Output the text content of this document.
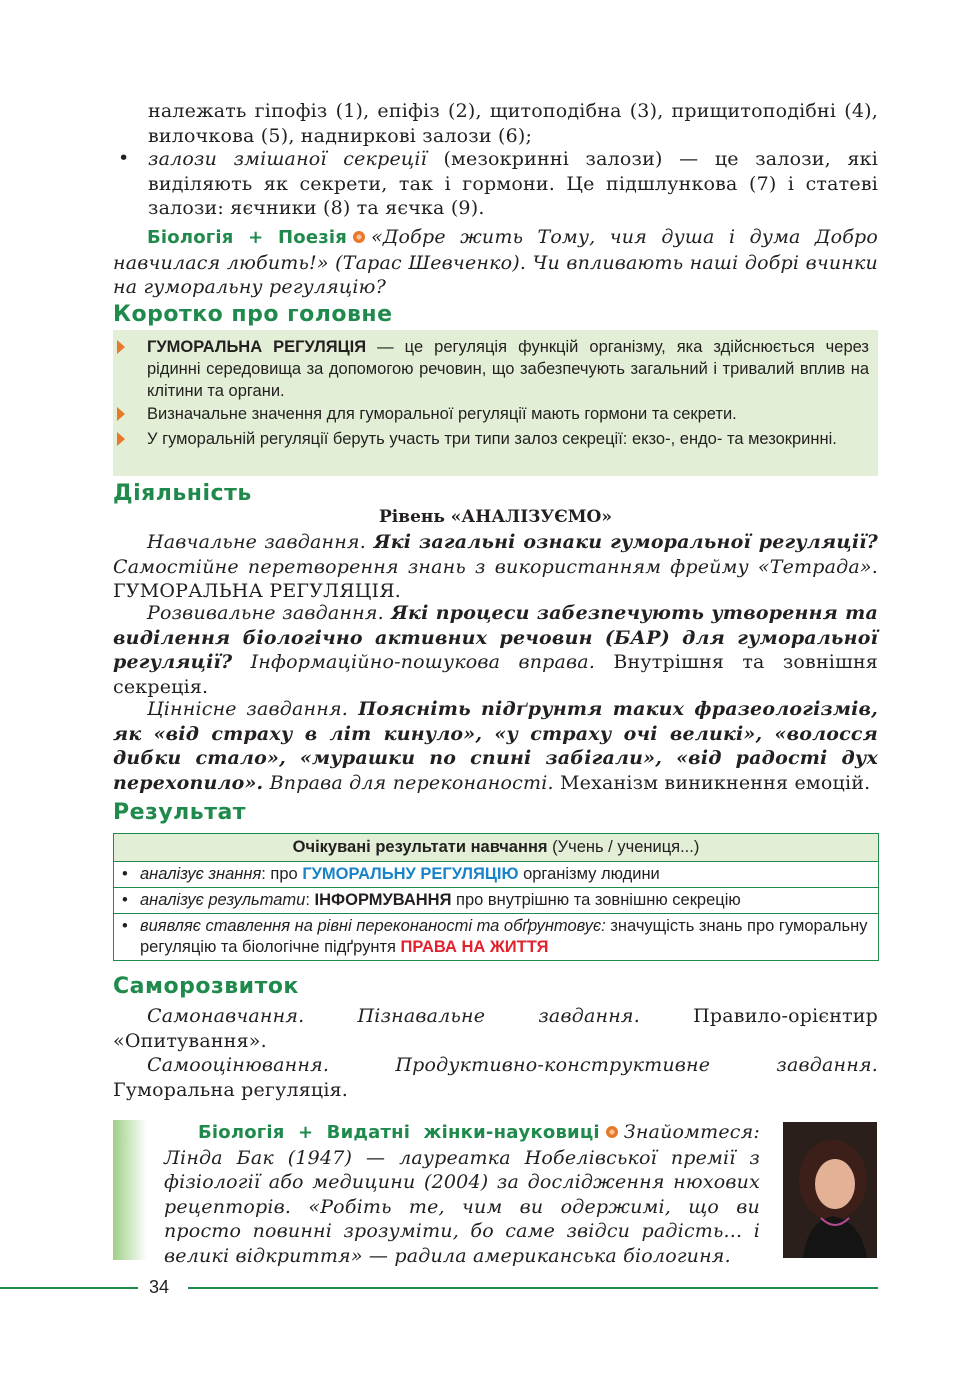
належать гіпофіз (1), епіфіз (2), щитоподібна (3), прищитоподібні (4), вилочкова (5), надниркові залози (6);
• залози змішаної секреції (мезокринні залози) — це залози, які виділяють як секрети, так і гормони. Це підшлункова (7) і статеві залози: яєчники (8) та яєчка (9).
Біологія + Поезія «Добре жить Тому, чия душа і дума Добро навчилася любить!» (Тарас Шевченко). Чи впливають наші добрі вчинки на гуморальну регуляцію?
Коротко про головне
ГУМОРАЛЬНА РЕГУЛЯЦІЯ — це регуляція функцій організму, яка здійснюється через рідинні середовища за допомогою речовин, що забезпечують загальний і тривалий вплив на клітини та органи.
Визначальне значення для гуморальної регуляції мають гормони та секрети.
У гуморальній регуляції беруть участь три типи залоз секреції: екзо-, ендо- та мезокринні.
Діяльність
Рівень «АНАЛІЗУЄМО»
Навчальне завдання. Які загальні ознаки гуморальної регуляції? Самостійне перетворення знань з використанням фрейму «Тетрада». ГУМОРАЛЬНА РЕГУЛЯЦІЯ.
Розвивальне завдання. Які процеси забезпечують утворення та виділення біологічно активних речовин (БАР) для гуморальної регуляції? Інформаційно-пошукова вправа. Внутрішня та зовнішня секреція.
Ціннісне завдання. Поясніть підґрунтя таких фразеологізмів, як «від страху в літ кинуло», «у страху очі великі», «волосся дибки стало», «мурашки по спині забігали», «від радості дух перехопило». Вправа для переконаності. Механізм виникнення емоцій.
Результат
Очікувані результати навчання (Учень / учениця...)

• аналізує знання: про ГУМОРАЛЬНУ РЕГУЛЯЦІЮ організму людини

• аналізує результати: ІНФОРМУВАННЯ про внутрішню та зовнішню секрецію

• виявляє ставлення на рівні переконаності та обґрунтовує: значущість знань про гуморальну регуляцію та біологічне підґрунтя ПРАВА НА ЖИТТЯ
Саморозвиток
Самонавчання. Пізнавальне завдання. Правило-орієнтир «Опитування».
Самооцінювання. Продуктивно-конструктивне завдання. Гуморальна регуляція.
Біологія + Видатні жінки-науковиці Знайомтеся: Лінда Бак (1947) — лауреатка Нобелівської премії з фізіології або медицини (2004) за дослідження нюхових рецепторів. «Робіть те, чим ви одержимі, що ви просто повинні зрозуміти, бо саме звідси радість... і великі відкриття» — радила американська біологиня.
34
